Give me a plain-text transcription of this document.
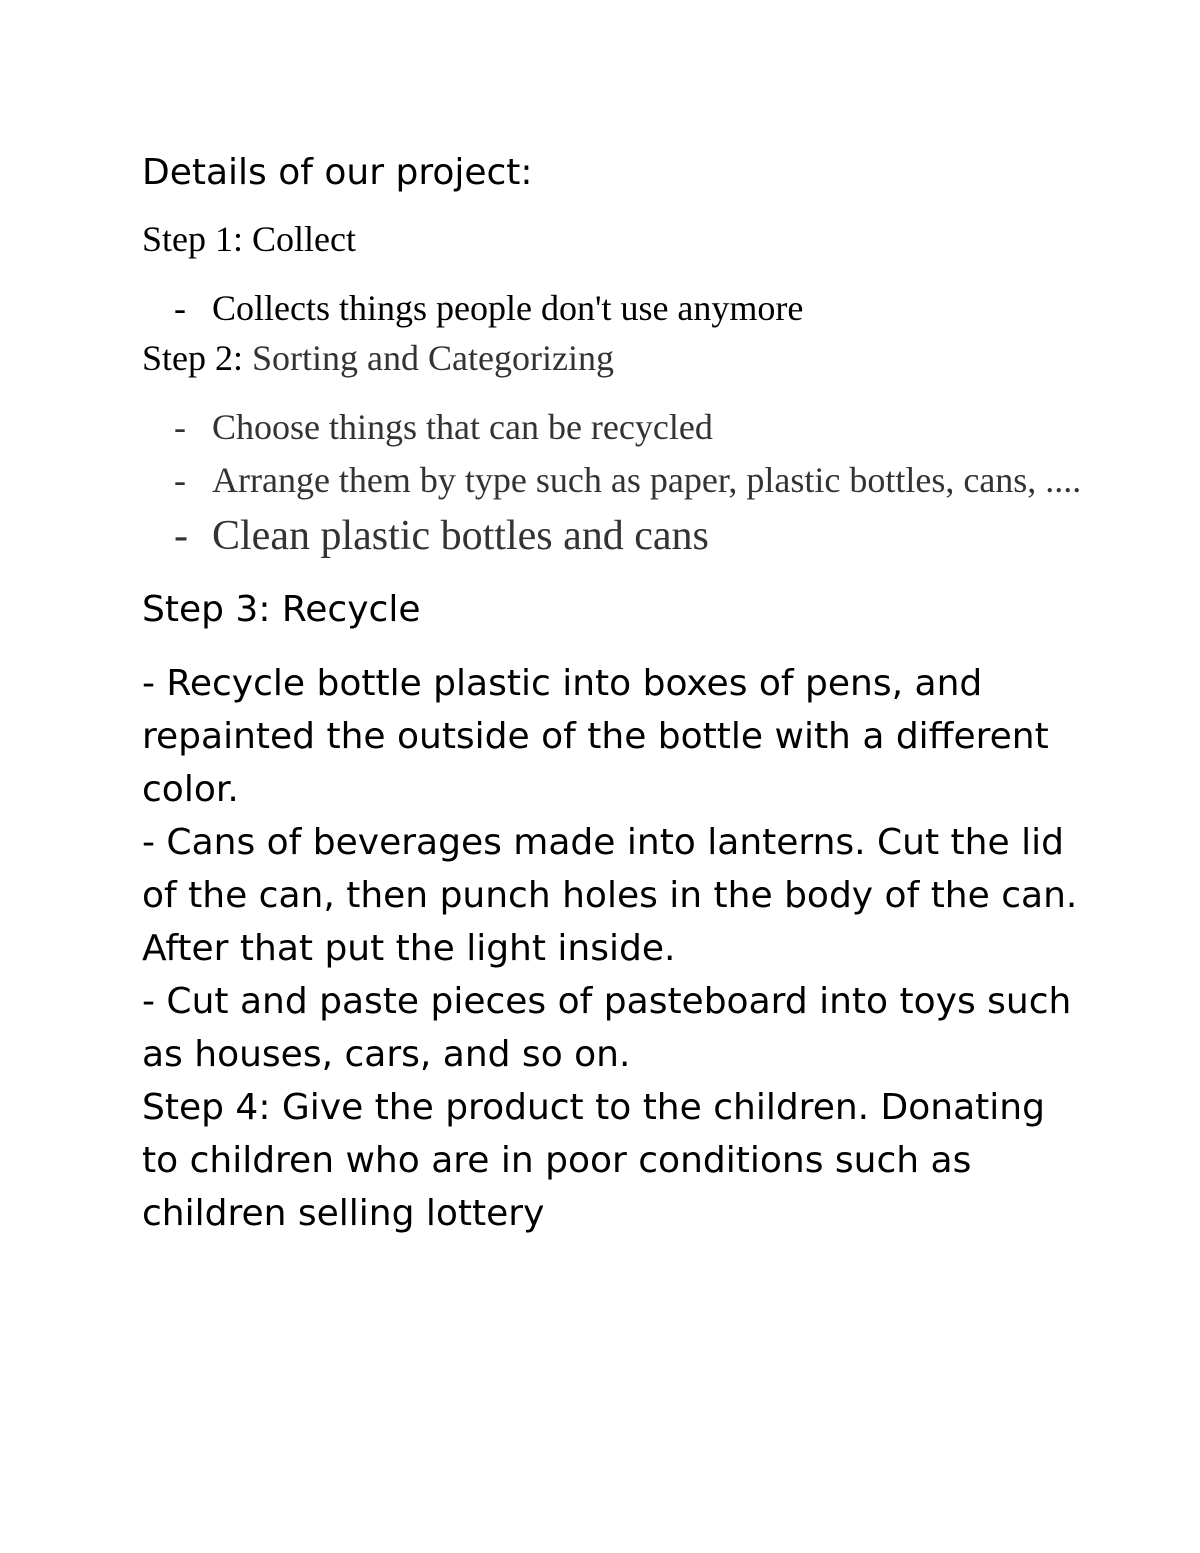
Details of our project:
Step 1: Collect
- Collects things people don't use anymore
Step 2: Sorting and Categorizing
- Choose things that can be recycled
- Arrange them by type such as paper, plastic bottles, cans, ....
- Clean plastic bottles and cans
Step 3: Recycle

- Recycle bottle plastic into boxes of pens, and repainted the outside of the bottle with a different color.

- Cans of beverages made into lanterns. Cut the lid of the can, then punch holes in the body of the can. After that put the light inside.

- Cut and paste pieces of pasteboard into toys such as houses, cars, and so on.

Step 4: Give the product to the children. Donating to children who are in poor conditions such as children selling lottery
